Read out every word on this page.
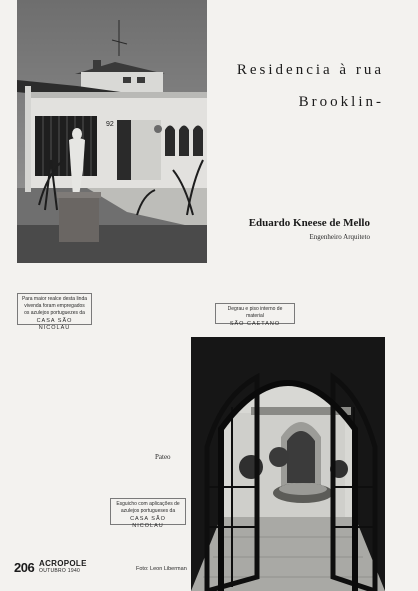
92
Residencia à rua
Brooklin-
Eduardo Kneese de Mello
Engenheiro Arquiteto
Para maior realce desta linda vivenda foram empregados os azulejos portuguezes da
CASA SÃO NICOLAU
Degrau e piso interno de material
SÃO CAETANO
Esguicho com aplicações de azulejos portugueses da
CASA SÃO NICOLAU
Pateo
206 ACROPOLE
OUTUBRO 1940	Foto: Leon Liberman
